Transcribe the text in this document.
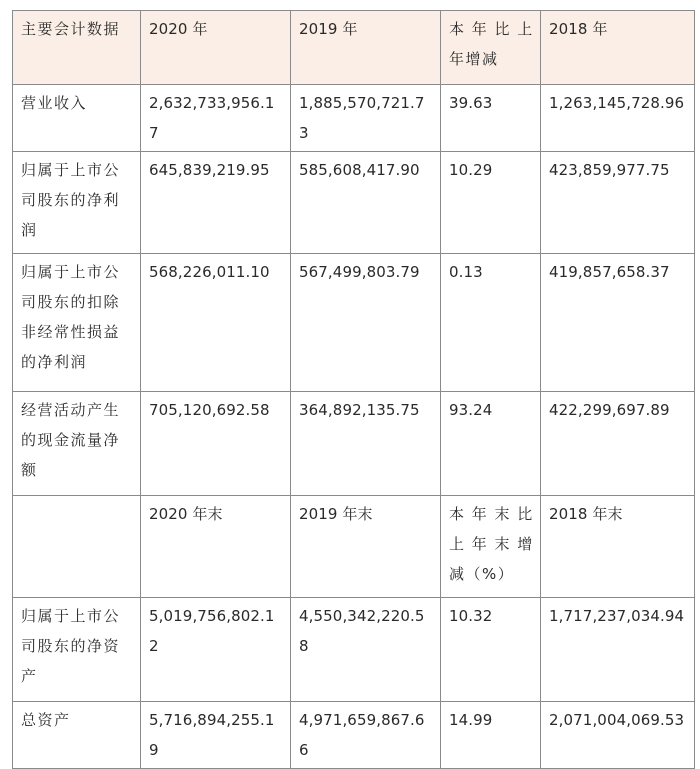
主要会计数据	2020 年	2019 年	本 年 比 上 年增减	2018 年
营业收入	2,632,733,956.17	1,885,570,721.73	39.63	1,263,145,728.96
归属于上市公司股东的净利润	645,839,219.95	585,608,417.90	10.29	423,859,977.75
归属于上市公司股东的扣除非经常性损益的净利润	568,226,011.10	567,499,803.79	0.13	419,857,658.37
经营活动产生的现金流量净额	705,120,692.58	364,892,135.75	93.24	422,299,697.89
	2020 年末	2019 年末	本 年 末 比 上 年 末 增 减（%）	2018 年末
归属于上市公司股东的净资产	5,019,756,802.12	4,550,342,220.58	10.32	1,717,237,034.94
总资产	5,716,894,255.19	4,971,659,867.66	14.99	2,071,004,069.53
